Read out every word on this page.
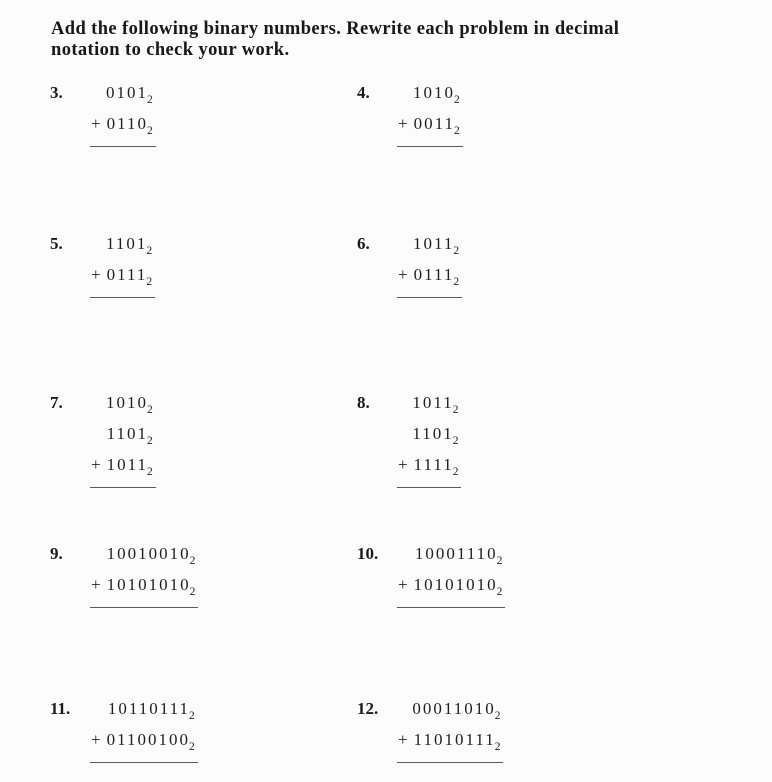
Add the following binary numbers. Rewrite each problem in decimal
notation to check your work.
3.	$0101_2$
+ $0110_2$
4.	$1010_2$
+ $0011_2$
5.	$1101_2$
+ $0111_2$
6.	$1011_2$
+ $0111_2$
7.	$1010_2$
$1101_2$
+ $1011_2$
8.	$1011_2$
$1101_2$
+ $1111_2$
9.	$10010010_2$
+ $10101010_2$
10.	$10001110_2$
+ $10101010_2$
11.	$10110111_2$
+ $01100100_2$
12.	$00011010_2$
+ $11010111_2$
